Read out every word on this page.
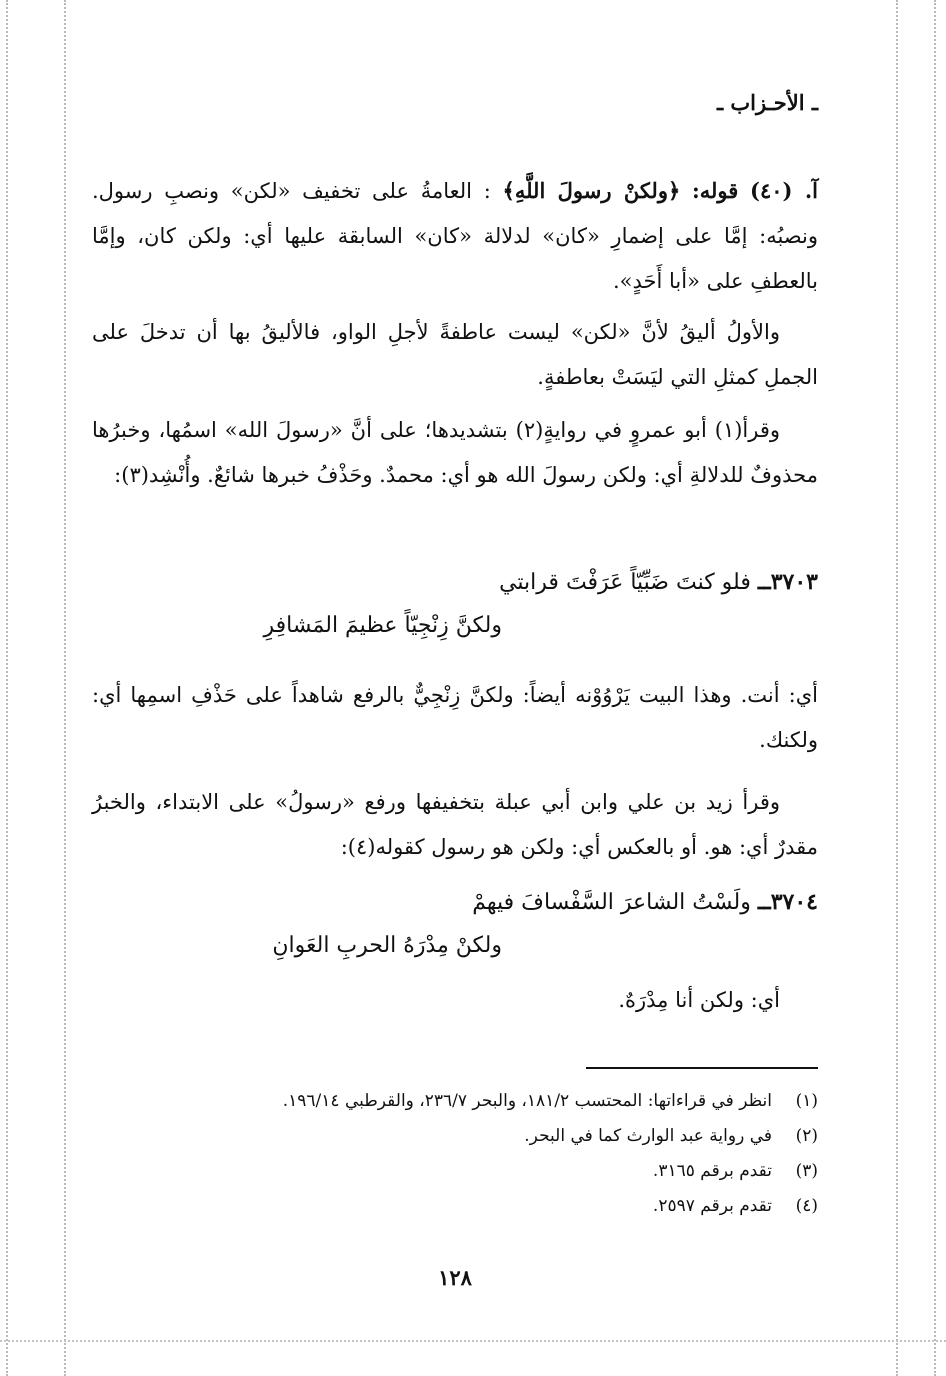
ـ الأحـزاب ـ
آ. (٤٠) قوله: ﴿ولكنْ رسولَ اللَّهِ﴾ : العامةُ على تخفيف «لكن» ونصبِ رسول. ونصبُه: إمَّا على إضمارِ «كان» لدلالة «كان» السابقة عليها أي: ولكن كان، وإمَّا بالعطفِ على «أبا أَحَدٍ».

والأولُ أليقُ لأنَّ «لكن» ليست عاطفةً لأجلِ الواو، فالأليقُ بها أن تدخلَ على الجملِ كمثلِ التي ليَسَتْ بعاطفةٍ.

وقرأ(١) أبو عمروٍ في روايةٍ(٢) بتشديدها؛ على أنَّ «رسولَ الله» اسمُها، وخبرُها محذوفٌ للدلالةِ أي: ولكن رسولَ الله هو أي: محمدٌ. وحَذْفُ خبرها شائعٌ. وأُنْشِد(٣):

٣٧٠٣ــ فلو كنتَ ضَبِّيّاً عَرَفْتَ قرابتي
ولكنَّ زِنْجِيّاً عظيمَ المَشافِرِ

أي: أنت. وهذا البيت يَرْوُوْنه أيضاً: ولكنَّ زِنْجِيٌّ بالرفع شاهداً على حَذْفِ اسمِها أي: ولكنك.

وقرأ زيد بن علي وابن أبي عبلة بتخفيفها ورفع «رسولُ» على الابتداء، والخبرُ مقدرٌ أي: هو. أو بالعكس أي: ولكن هو رسول كقوله(٤):

٣٧٠٤ــ ولَسْتُ الشاعرَ السَّفْسافَ فيهمْ
ولكنْ مِدْرَهُ الحربِ العَوانِ

أي: ولكن أنا مِدْرَهٌ.

(١)
انظر في قراءاتها: المحتسب ١٨١/٢، والبحر ٢٣٦/٧، والقرطبي ١٩٦/١٤.
(٢)
في رواية عبد الوارث كما في البحر.
(٣)
تقدم برقم ٣١٦٥.
(٤)
تقدم برقم ٢٥٩٧.
١٢٨
